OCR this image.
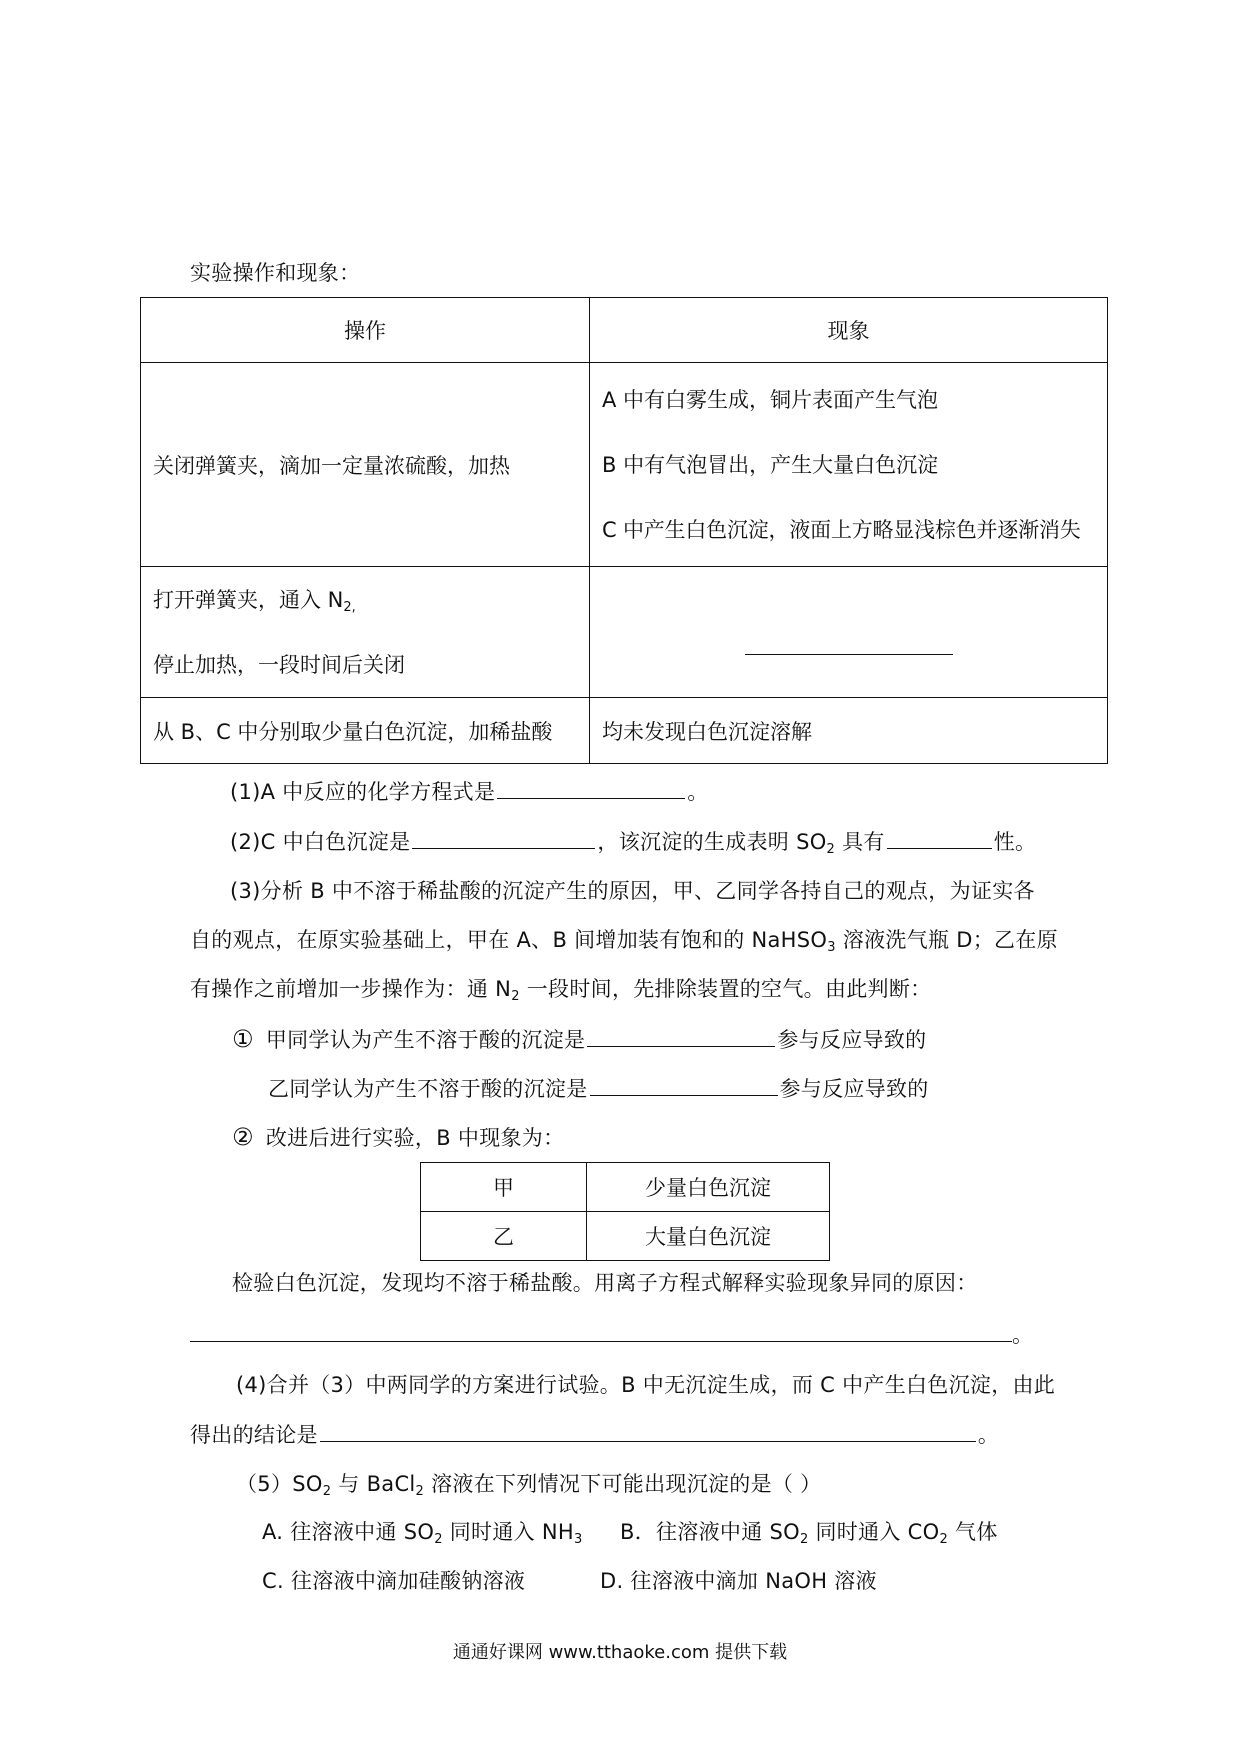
实验操作和现象：
操作	现象
关闭弹簧夹，滴加一定量浓硫酸，加热	A 中有白雾生成，铜片表面产生气泡
B 中有气泡冒出，产生大量白色沉淀
C 中产生白色沉淀，液面上方略显浅棕色并逐渐消失

打开弹簧夹，通入 $N_{2,}$
停止加热，一段时间后关闭	

从 B、C 中分别取少量白色沉淀，加稀盐酸	均未发现白色沉淀溶解
(1)A 中反应的化学方程式是	。
(2)C 中白色沉淀是	，该沉淀的生成表明 $SO_2$ 具有	性。
(3)分析 B 中不溶于稀盐酸的沉淀产生的原因，甲、乙同学各持自己的观点，为证实各
自的观点，在原实验基础上，甲在 A、B 间增加装有饱和的 NaHSO$_3$ 溶液洗气瓶 D；乙在原
有操作之前增加一步操作为：通 $N_2$ 一段时间，先排除装置的空气。由此判断：
① 甲同学认为产生不溶于酸的沉淀是	参与反应导致的
乙同学认为产生不溶于酸的沉淀是	参与反应导致的
② 改进后进行实验，B 中现象为：
甲	少量白色沉淀
乙	大量白色沉淀
检验白色沉淀，发现均不溶于稀盐酸。用离子方程式解释实验现象异同的原因：
。
(4)合并（3）中两同学的方案进行试验。B 中无沉淀生成，而 C 中产生白色沉淀，由此
得出的结论是	。
$(5)SO_2$ 与 BaCl$_2$ 溶液在下列情况下可能出现沉淀的是（ ）
A. 往溶液中通 $SO_2$ 同时通入 $NH_3$ B．往溶液中通 $SO_2$ 同时通入 $CO_2$ 气体
C. 往溶液中滴加硅酸钠溶液	D. 往溶液中滴加 NaOH 溶液
通通好课网 www.tthaoke.com 提供下载
